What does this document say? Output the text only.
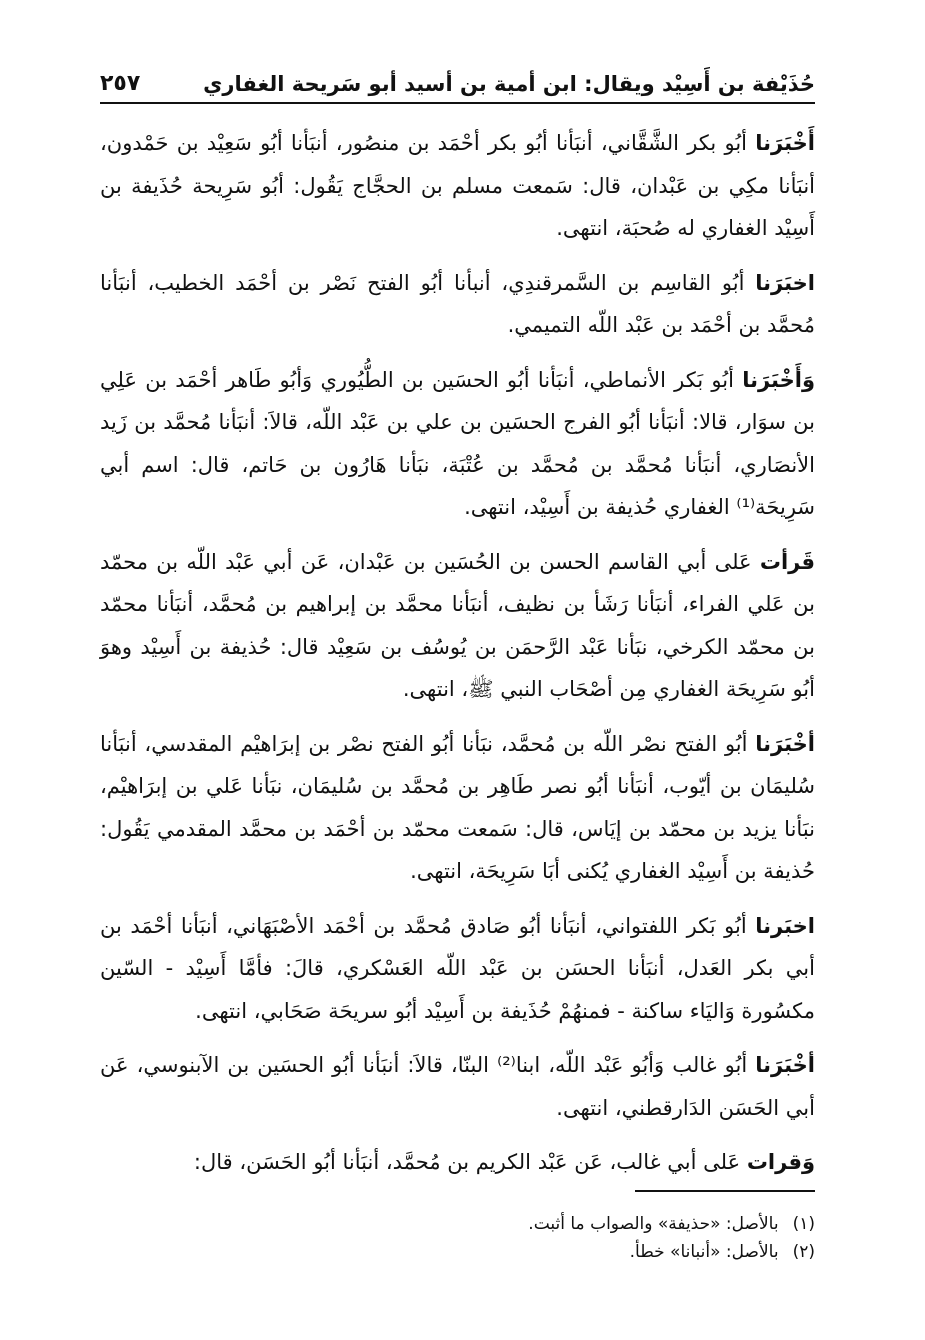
حُذَيْفة بن أَسِيْد ويقال: ابن أمية بن أسيد أبو سَريحة الغفاري
٢٥٧

أَخْبَرَنا أبُو بكر الشَّقَّاني، أنبَأنا أبُو بكر أحْمَد بن منصُور، أنبَأنا أبُو سَعِيْد بن حَمْدون، أنبَأنا مكِي بن عَبْدان، قال: سَمعت مسلم بن الحجَّاج يَقُول: أبُو سَرِيحة حُذَيفة بن أَسِيْد الغفاري له صُحبَة، انتهى.

اخبَرَنا أبُو القاسِم بن السَّمرقندِي، أنبأنا أبُو الفتح نَصْر بن أحْمَد الخطيب، أنبَأنا مُحمَّد بن أحْمَد بن عَبْد اللّه التميمي.

وَأَخْبَرَنا أبُو بَكر الأنماطي، أنبَأنا أبُو الحسَين بن الطُّيُوري وَأبُو طَاهر أحْمَد بن عَلِي بن سوَار، قالا: أنبَأنا أبُو الفرج الحسَين بن علي بن عَبْد اللّه، قالاَ: أنبَأنا مُحمَّد بن زَيد الأنصَاري، أنبَأنا مُحمَّد بن مُحمَّد بن عُتْبَة، نبَأنا هَارُون بن حَاتم، قال: اسم أبي سَرِيحَة⁽¹⁾ الغفاري حُذيفة بن أَسِيْد، انتهى.

قَرأت عَلى أبي القاسم الحسن بن الحُسَين بن عَبْدان، عَن أبي عَبْد اللّه بن محمّد بن عَلي الفراء، أنبَأنا رَشَأ بن نظيف، أنبَأنا محمَّد بن إبراهيم بن مُحمَّد، أنبَأنا محمّد بن محمّد الكرخي، نبَأنا عَبْد الرَّحمَن بن يُوسُف بن سَعِيْد قال: حُذيفة بن أَسِيْد وهوَ أبُو سَرِيحَة الغفاري مِن أصْحَاب النبي ﷺ، انتهى.

أخْبَرَنا أبُو الفتح نصْر اللّه بن مُحمَّد، نبَأنا أبُو الفتح نصْر بن إبرَاهيْم المقدسي، أنبَأنا سُليمَان بن أيّوب، أنبَأنا أبُو نصر طَاهِر بن مُحمَّد بن سُليمَان، نبَأنا عَلي بن إبرَاهيْم، نبَأنا يزيد بن محمّد بن إيَاس، قال: سَمعت محمّد بن أحْمَد بن محمَّد المقدمي يَقُول: حُذيفة بن أَسِيْد الغفاري يُكنى أبَا سَرِيحَة، انتهى.

اخبَرنا أبُو بَكر اللفتواني، أنبَأنا أبُو صَادق مُحمَّد بن أحْمَد الأصْبَهَاني، أنبَأنا أحْمَد بن أبي بكر العَدل، أنبَأنا الحسَن بن عَبْد اللّه العَسْكري، قالَ: فأمَّا أَسِيْد - السّين مكسُورة وَاليَاء ساكنة - فمنهُمْ حُذَيفة بن أَسِيْد أبُو سريحَة صَحَابي، انتهى.

أخْبَرَنا أبُو غالب وَأبُو عَبْد اللّه، ابنا⁽²⁾ البنّا، قالاَ: أنبَأنا أبُو الحسَين بن الآبنوسي، عَن أبي الحَسَن الدَارقطني، انتهى.

وَقرات عَلى أبي غالب، عَن عَبْد الكريم بن مُحمَّد، أنبَأنا أبُو الحَسَن، قال:

(١)بالأصل: «حذيفة» والصواب ما أثبت.
(٢)بالأصل: «أنبانا» خطأ.
